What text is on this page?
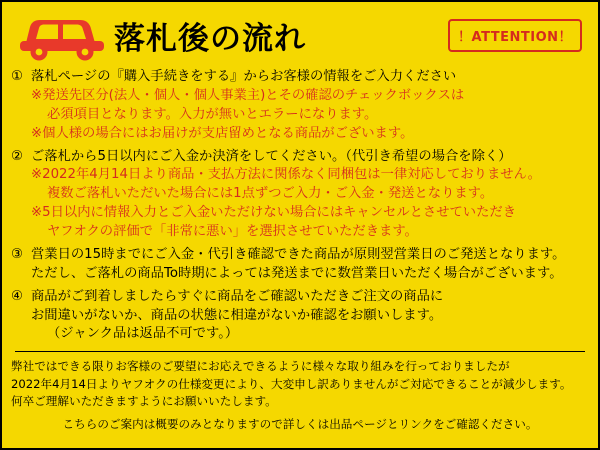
落札後の流れ	！ATTENTION！
① 落札ページの『購入手続きをする』からお客様の情報をご入力ください
※発送先区分(法人・個人・個人事業主)とその確認のチェックボックスは
必須項目となります。入力が無いとエラーになります。
※個人様の場合にはお届けが支店留めとなる商品がございます。
② ご落札から5日以内にご入金か決済をしてください。（代引き希望の場合を除く）
※2022年4月14日より商品・支払方法に関係なく同梱包は一律対応しておりません。
複数ご落札いただいた場合には1点ずつご入力・ご入金・発送となります。
※5日以内に情報入力とご入金いただけない場合にはキャンセルとさせていただき
ヤフオクの評価で「非常に悪い」を選択させていただきます。
③ 営業日の15時までにご入金・代引き確認できた商品が原則翌営業日のご発送となります。
ただし、ご落札の商品To時期によっては発送までに数営業日いただく場合がございます。
④ 商品がご到着しましたらすぐに商品をご確認いただきご注文の商品に
お間違いがないか、商品の状態に相違がないか確認をお願いします。
（ジャンク品は返品不可です。）
弊社ではできる限りお客様のご要望にお応えできるように様々な取り組みを行っておりましたが
2022年4月14日よりヤフオクの仕様変更により、大変申し訳ありませんがご対応できることが減少します。
何卒ご理解いただきますようにお願いいたします。
こちらのご案内は概要のみとなりますので詳しくは出品ページとリンクをご確認ください。
